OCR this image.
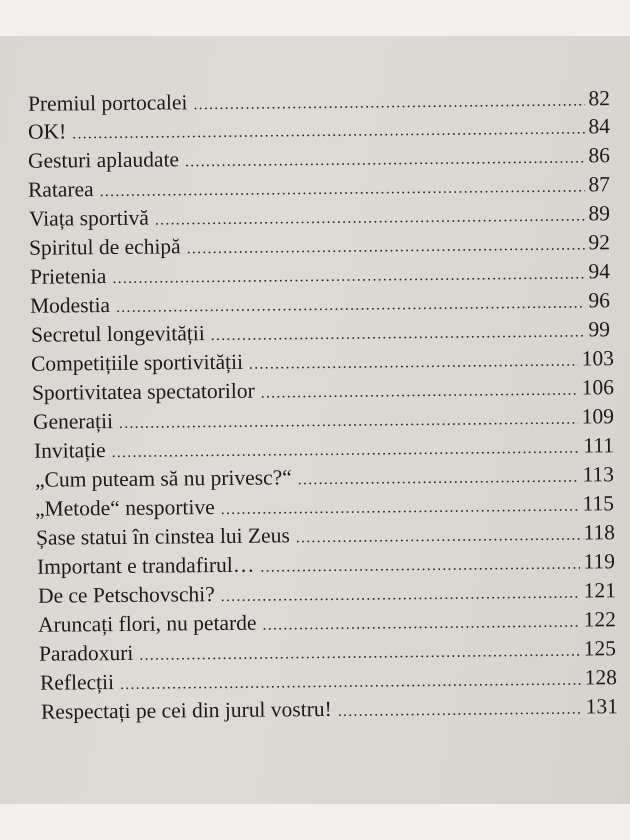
Premiul portocalei .....	82
OK! .....	84
Gesturi aplaudate .....	86
Ratarea .....	87
Viața sportivă .....	89
Spiritul de echipă .....	92
Prietenia .....	94
Modestia .....	96
Secretul longevității .....	99
Competițiile sportivității .....	103
Sportivitatea spectatorilor .....	106
Generații .....	109
Invitație .....	111
„Cum puteam să nu privesc?“ .....	113
„Metode“ nesportive .....	115
Șase statui în cinstea lui Zeus .....	118
Important e trandafirul… .....	119
De ce Petschovschi? .....	121
Aruncați flori, nu petarde .....	122
Paradoxuri .....	125
Reflecții .....	128
Respectați pe cei din jurul vostru! .....	131
